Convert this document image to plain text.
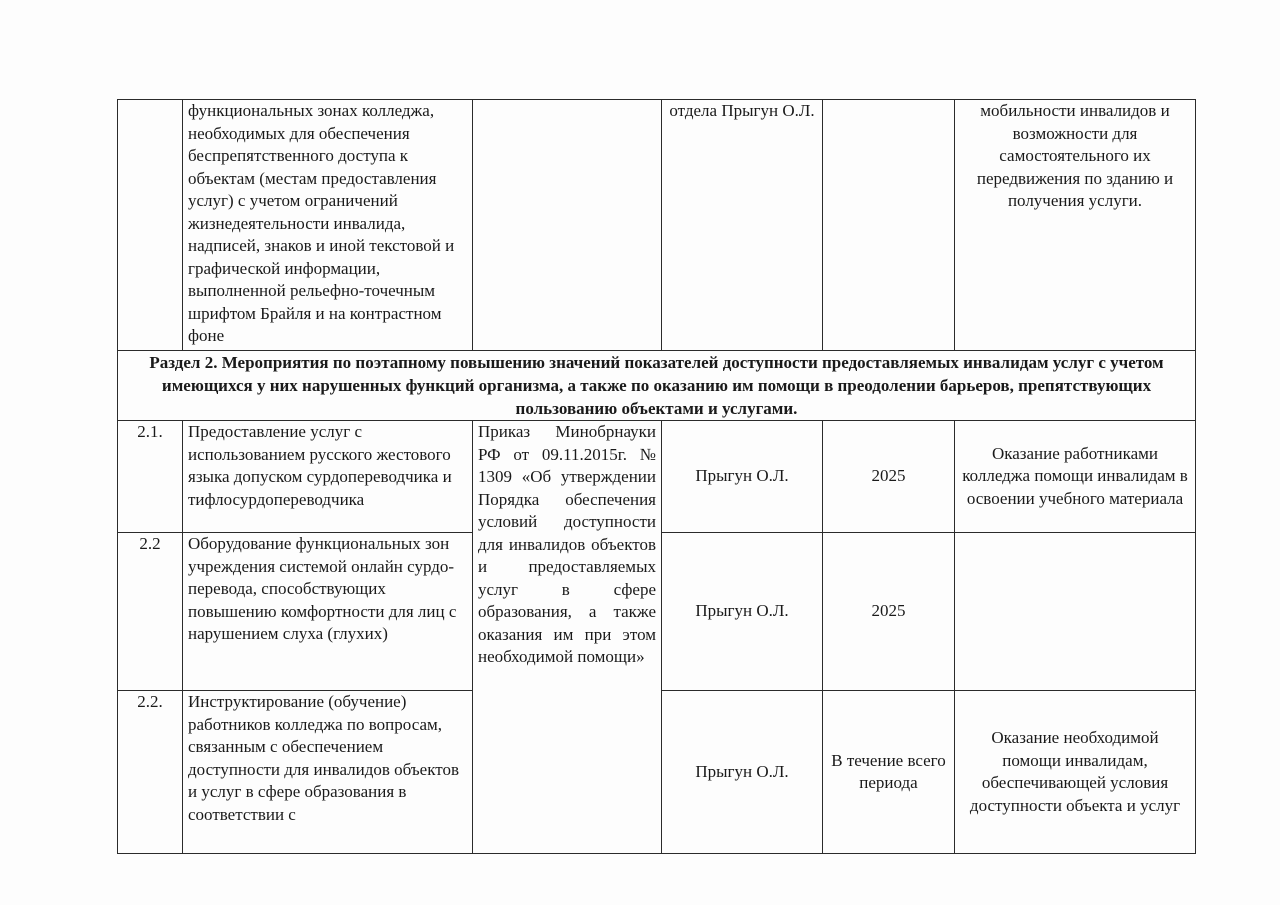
	функциональных зонах колледжа, необходимых для обеспечения беспрепятственного доступа к объектам (местам предоставления услуг) с учетом ограничений жизнедеятельности инвалида, надписей, знаков и иной текстовой и графической информации, выполненной рельефно-точечным шрифтом Брайля и на контрастном фоне		отдела Прыгун О.Л.		мобильности инвалидов и возможности для самостоятельного их передвижения по зданию и получения услуги.

Раздел 2. Мероприятия по поэтапному повышению значений показателей доступности предоставляемых инвалидам услуг с учетом имеющихся у них нарушенных функций организма, а также по оказанию им помощи в преодолении барьеров, препятствующих пользованию объектами и услугами.					
2.1.	Предоставление услуг с использованием русского жестового языка допуском сурдопереводчика и тифлосурдопереводчика	Приказ Минобрнауки РФ от 09.11.2015г. № 1309 «Об утверждении Порядка обеспечения условий доступности для инвалидов объектов и предоставляемых услуг в сфере образования, а также оказания им при этом необходимой помощи»	Прыгун О.Л.	2025	Оказание работниками колледжа помощи инвалидам в освоении учебного материала
2.2	Оборудование функциональных зон учреждения системой онлайн сурдо-перевода, способствующих повышению комфортности для лиц с нарушением слуха (глухих)		Прыгун О.Л.	2025	
2.2.	Инструктирование (обучение) работников колледжа по вопросам, связанным с обеспечением доступности для инвалидов объектов и услуг в сфере образования в соответствии с		Прыгун О.Л.	В течение всего периода	Оказание необходимой помощи инвалидам, обеспечивающей условия доступности объекта и услуг
